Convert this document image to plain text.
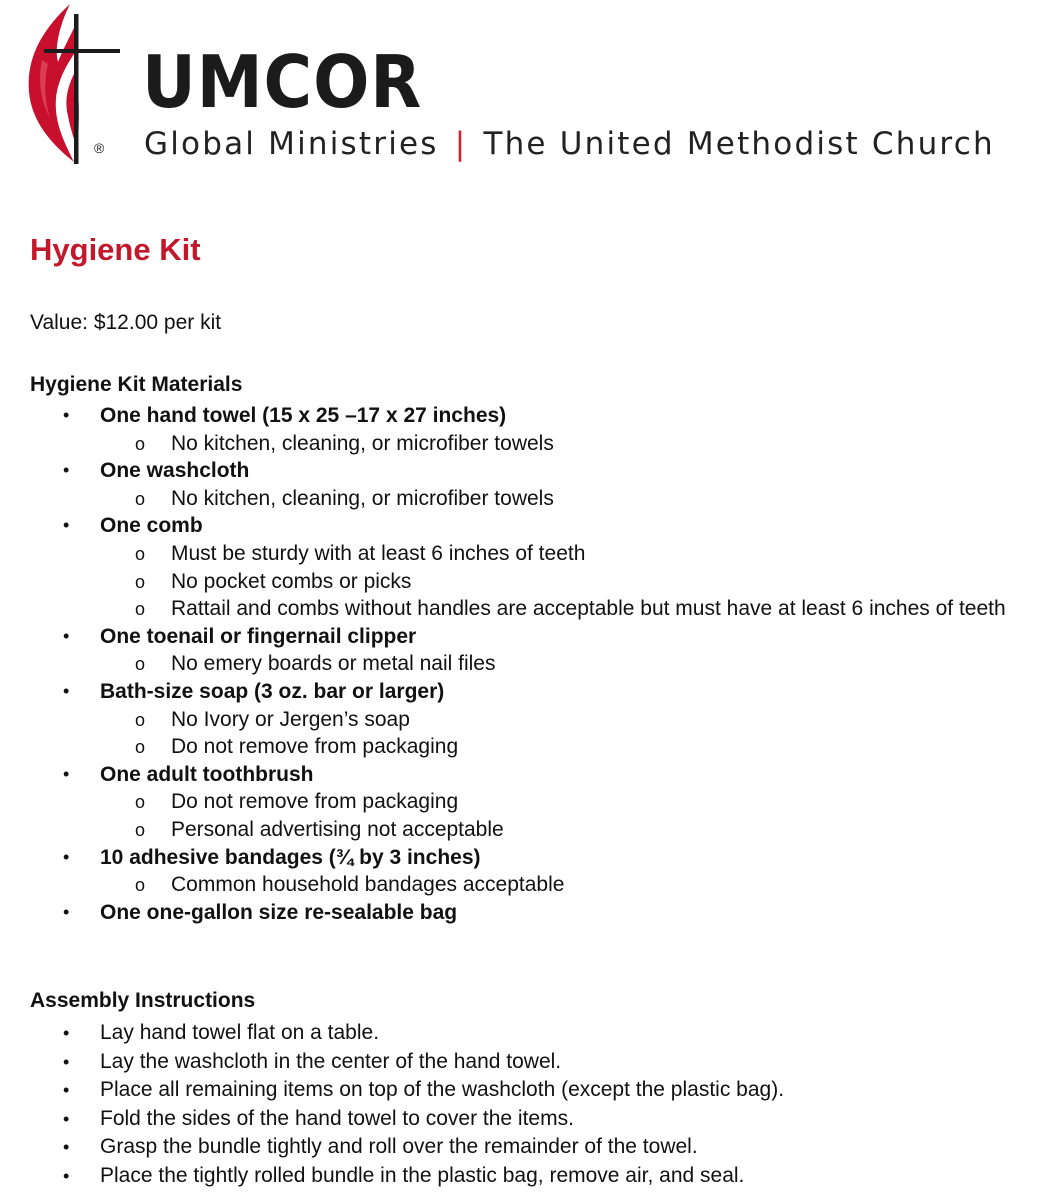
UMCOR
® Global Ministries | The United Methodist Church
Hygiene Kit
Value: $12.00 per kit
Hygiene Kit Materials
• One hand towel (15 x 25 –17 x 27 inches)
o No kitchen, cleaning, or microfiber towels
• One washcloth
o No kitchen, cleaning, or microfiber towels
• One comb
o Must be sturdy with at least 6 inches of teeth
o No pocket combs or picks
o Rattail and combs without handles are acceptable but must have at least 6 inches of teeth
• One toenail or fingernail clipper
o No emery boards or metal nail files
• Bath-size soap (3 oz. bar or larger)
o No Ivory or Jergen’s soap
o Do not remove from packaging
• One adult toothbrush
o Do not remove from packaging
o Personal advertising not acceptable
• 10 adhesive bandages (¾ by 3 inches)
o Common household bandages acceptable
• One one-gallon size re-sealable bag
Assembly Instructions
• Lay hand towel flat on a table.
• Lay the washcloth in the center of the hand towel.
• Place all remaining items on top of the washcloth (except the plastic bag).
• Fold the sides of the hand towel to cover the items.
• Grasp the bundle tightly and roll over the remainder of the towel.
• Place the tightly rolled bundle in the plastic bag, remove air, and seal.
